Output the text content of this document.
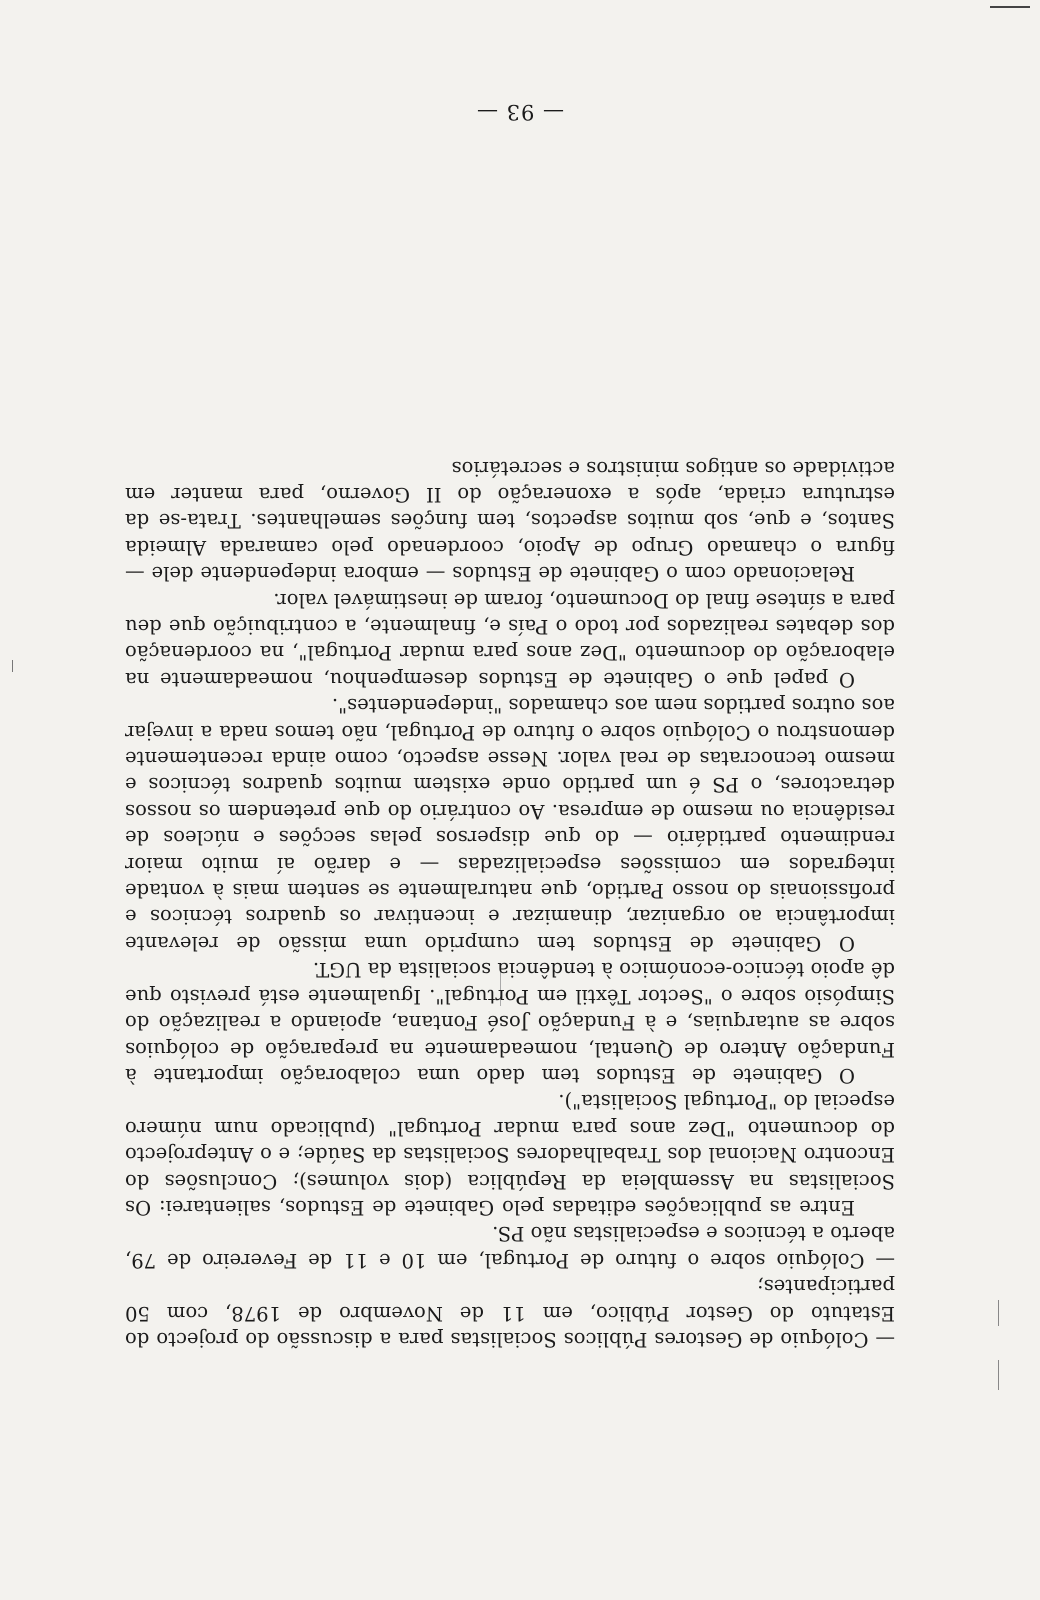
— 93 —

— Colóquio de Gestores Públicos Socialistas para a discussão do projecto do Estatuto do Gestor Público, em 11 de Novembro de 1978, com 50 participantes;

— Colóquio sobre o futuro de Portugal, em 10 e 11 de Fevereiro de 79, aberto a técnicos e especialistas não PS.

Entre as publicações editadas pelo Gabinete de Estudos, salientarei: Os Socialistas na Assembleia da República (dois volumes); Conclusões do Encontro Nacional dos Trabalhadores Socialistas da Saúde; e o Anteprojecto do documento "Dez anos para mudar Portugal" (publicado num número especial do "Portugal Socialista").

O Gabinete de Estudos tem dado uma colaboração importante à Fundação Antero de Quental, nomeadamente na preparação de colóquios sobre as autarquias, e à Fundação José Fontana, apoiando a realização do Simpósio sobre o "Sector Têxtil em Portugal". Igualmente está previsto que dê apoio técnico-económico à tendência socialista da UGT.

O Gabinete de Estudos tem cumprido uma missão de relevante importância ao organizar, dinamizar e incentivar os quadros técnicos e profissionais do nosso Partido, que naturalmente se sentem mais à vontade integrados em comissões especializadas — e darão aí muito maior rendimento partidário — do que dispersos pelas secções e núcleos de residência ou mesmo de empresa. Ao contrário do que pretendem os nossos detractores, o PS é um partido onde existem muitos quadros técnicos e mesmo tecnocratas de real valor. Nesse aspecto, como ainda recentemente demonstrou o Colóquio sobre o futuro de Portugal, não temos nada a invejar aos outros partidos nem aos chamados "independentes".

O papel que o Gabinete de Estudos desempenhou, nomeadamente na elaboração do documento "Dez anos para mudar Portugal", na coordenação dos debates realizados por todo o País e, finalmente, a contribuição que deu para a síntese final do Documento, foram de inestimável valor.

Relacionado com o Gabinete de Estudos — embora independente dele — figura o chamado Grupo de Apoio, coordenado pelo camarada Almeida Santos, e que, sob muitos aspectos, tem funções semelhantes. Trata-se da estrutura criada, após a exoneração do II Governo, para manter em actividade os antigos ministros e secretários
